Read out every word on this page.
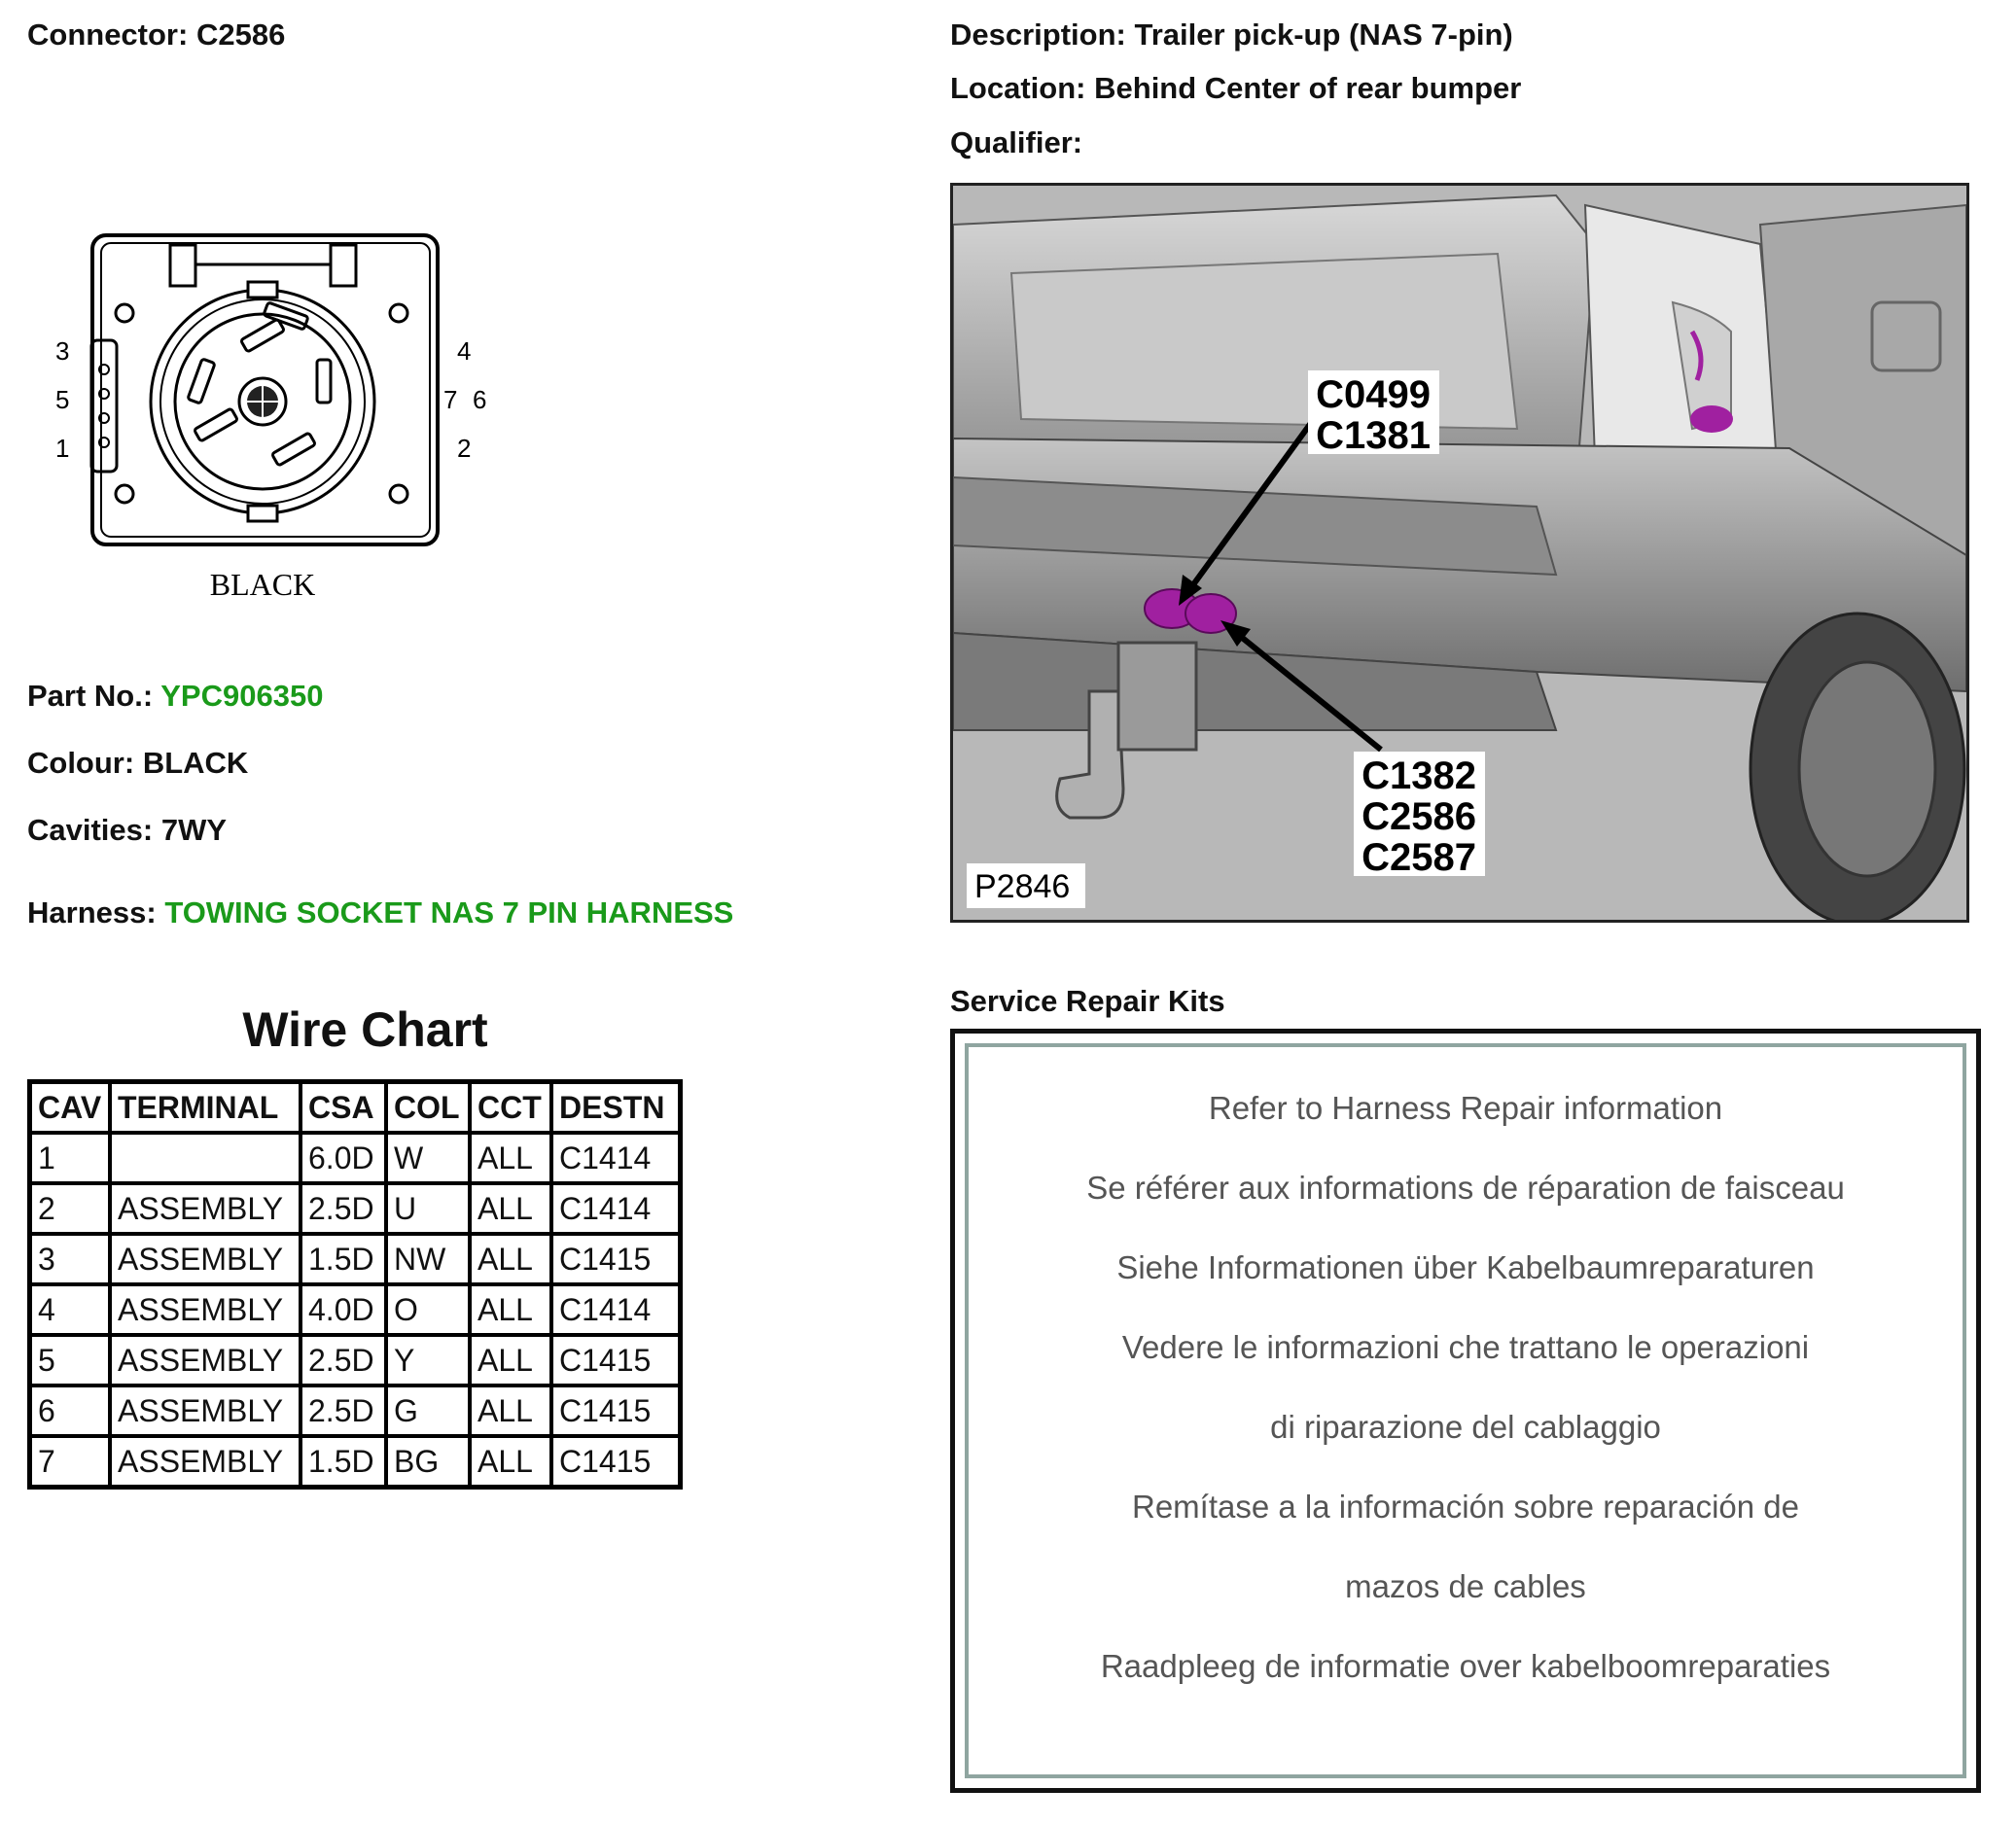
Connector: C2586	Description: Trailer pick-up (NAS 7-pin)
Location: Behind Center of rear bumper
Qualifier:
3
5
1
4
7 6
2
BLACK
Part No.: YPC906350
Colour: BLACK
Cavities: 7WY
Harness: TOWING SOCKET NAS 7 PIN HARNESS
Wire Chart
CAV	TERMINAL	CSA	COL	CCT	DESTN
1		6.0D	W	ALL	C1414
2	ASSEMBLY	2.5D	U	ALL	C1414
3	ASSEMBLY	1.5D	NW	ALL	C1415
4	ASSEMBLY	4.0D	O	ALL	C1414
5	ASSEMBLY	2.5D	Y	ALL	C1415
6	ASSEMBLY	2.5D	G	ALL	C1415
7	ASSEMBLY	1.5D	BG	ALL	C1415
C0499
C1381
C1382
C2586
C2587
P2846
Service Repair Kits
Refer to Harness Repair information
Se référer aux informations de réparation de faisceau
Siehe Informationen über Kabelbaumreparaturen
Vedere le informazioni che trattano le operazioni
di riparazione del cablaggio
Remítase a la información sobre reparación de
mazos de cables
Raadpleeg de informatie over kabelboomreparaties
